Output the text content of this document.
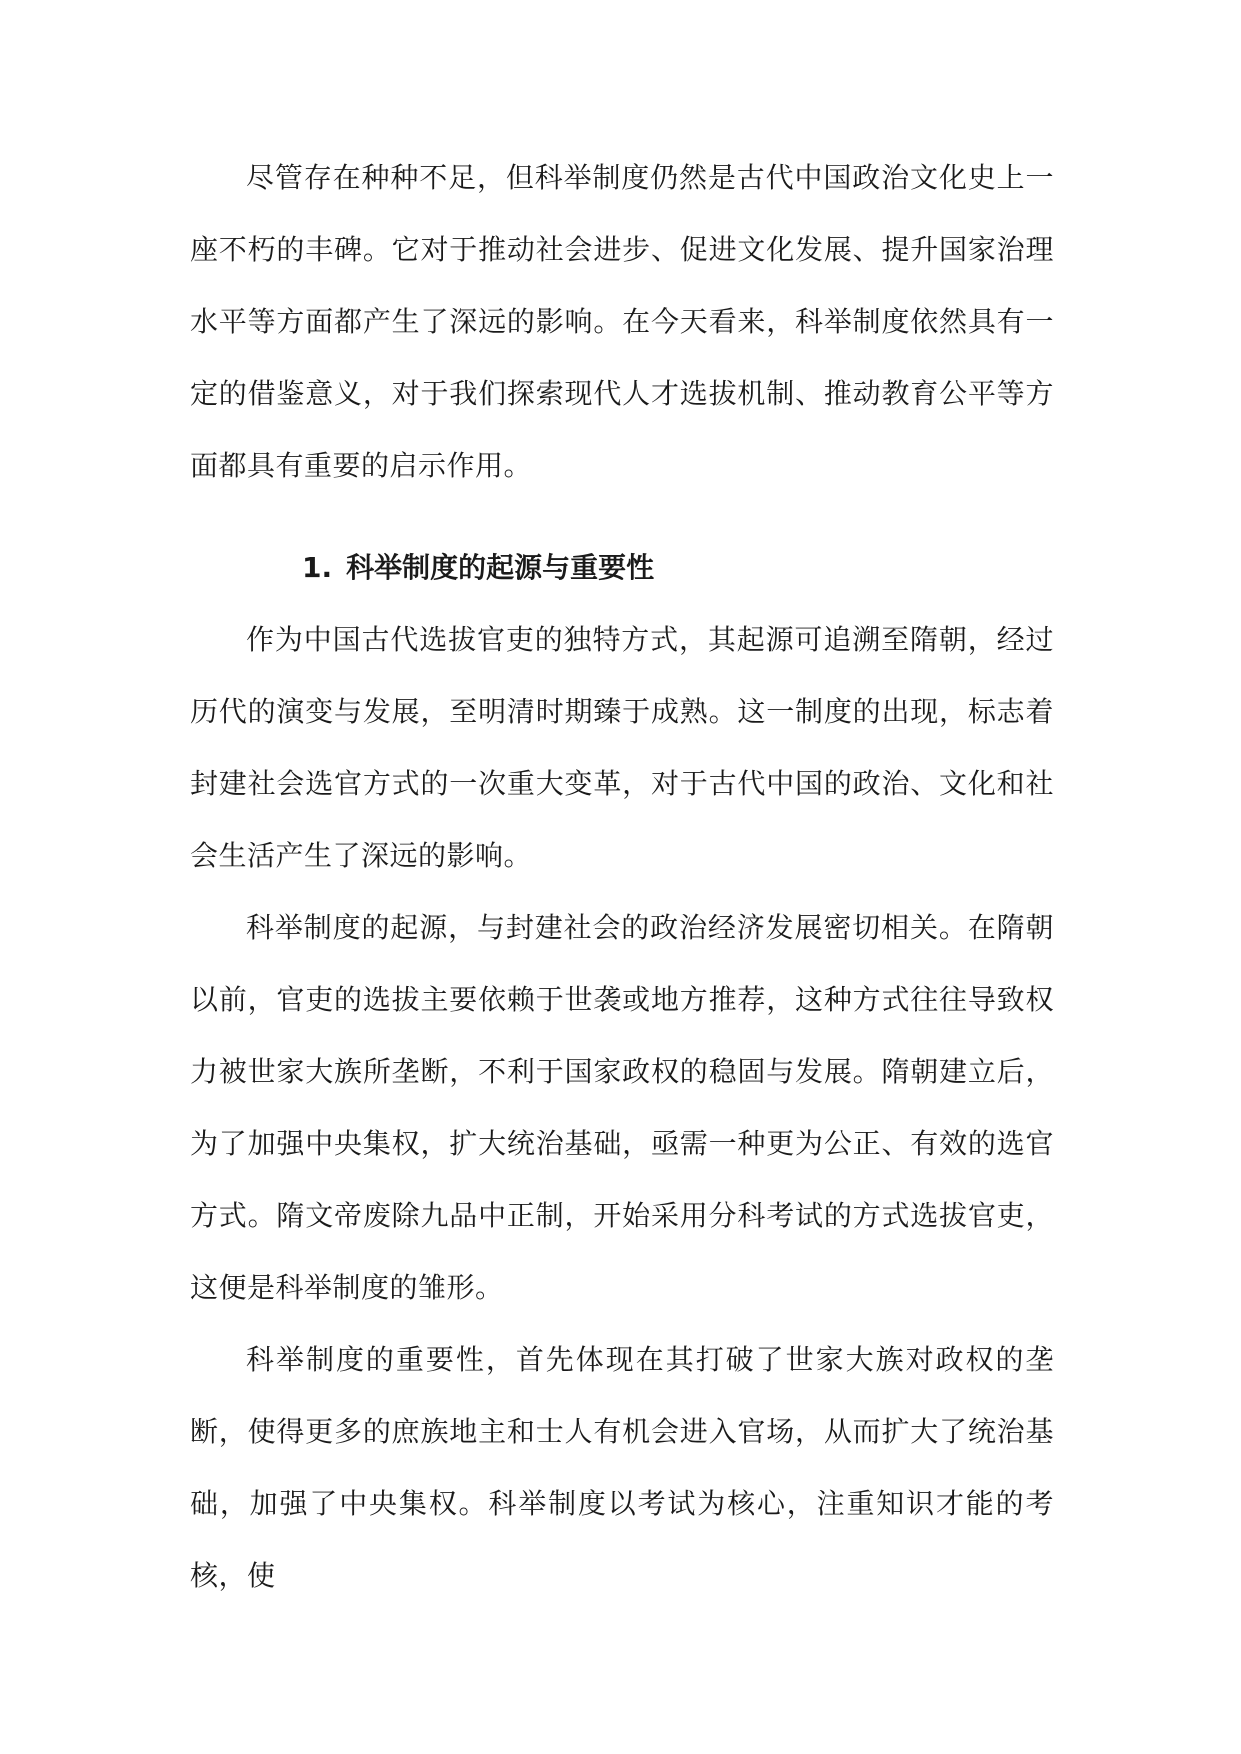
尽管存在种种不足，但科举制度仍然是古代中国政治文化史上一座不朽的丰碑。它对于推动社会进步、促进文化发展、提升国家治理水平等方面都产生了深远的影响。在今天看来，科举制度依然具有一定的借鉴意义，对于我们探索现代人才选拔机制、推动教育公平等方面都具有重要的启示作用。

1. 科举制度的起源与重要性

作为中国古代选拔官吏的独特方式，其起源可追溯至隋朝，经过历代的演变与发展，至明清时期臻于成熟。这一制度的出现，标志着封建社会选官方式的一次重大变革，对于古代中国的政治、文化和社会生活产生了深远的影响。

科举制度的起源，与封建社会的政治经济发展密切相关。在隋朝以前，官吏的选拔主要依赖于世袭或地方推荐，这种方式往往导致权力被世家大族所垄断，不利于国家政权的稳固与发展。隋朝建立后，为了加强中央集权，扩大统治基础，亟需一种更为公正、有效的选官方式。隋文帝废除九品中正制，开始采用分科考试的方式选拔官吏，这便是科举制度的雏形。

科举制度的重要性，首先体现在其打破了世家大族对政权的垄断，使得更多的庶族地主和士人有机会进入官场，从而扩大了统治基础，加强了中央集权。科举制度以考试为核心，注重知识才能的考核，使
